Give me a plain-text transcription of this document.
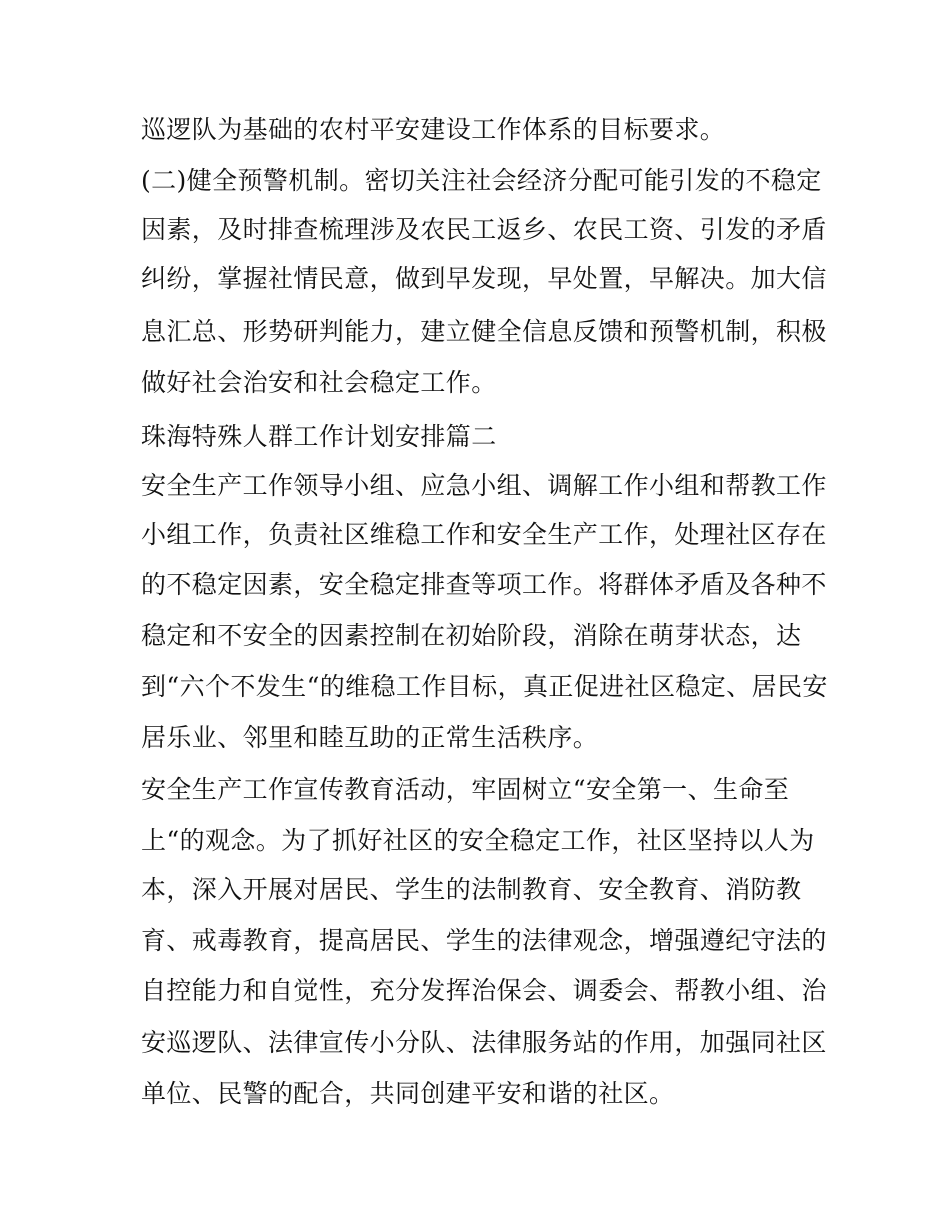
巡逻队为基础的农村平安建设工作体系的目标要求。
(二)健全预警机制。密切关注社会经济分配可能引发的不稳定
因素，及时排查梳理涉及农民工返乡、农民工资、引发的矛盾
纠纷，掌握社情民意，做到早发现，早处置，早解决。加大信
息汇总、形势研判能力，建立健全信息反馈和预警机制，积极
做好社会治安和社会稳定工作。
珠海特殊人群工作计划安排篇二
安全生产工作领导小组、应急小组、调解工作小组和帮教工作
小组工作，负责社区维稳工作和安全生产工作，处理社区存在
的不稳定因素，安全稳定排查等项工作。将群体矛盾及各种不
稳定和不安全的因素控制在初始阶段，消除在萌芽状态，达
到“六个不发生“的维稳工作目标，真正促进社区稳定、居民安
居乐业、邻里和睦互助的正常生活秩序。
安全生产工作宣传教育活动，牢固树立“安全第一、生命至
上“的观念。为了抓好社区的安全稳定工作，社区坚持以人为
本，深入开展对居民、学生的法制教育、安全教育、消防教
育、戒毒教育，提高居民、学生的法律观念，增强遵纪守法的
自控能力和自觉性，充分发挥治保会、调委会、帮教小组、治
安巡逻队、法律宣传小分队、法律服务站的作用，加强同社区
单位、民警的配合，共同创建平安和谐的社区。
